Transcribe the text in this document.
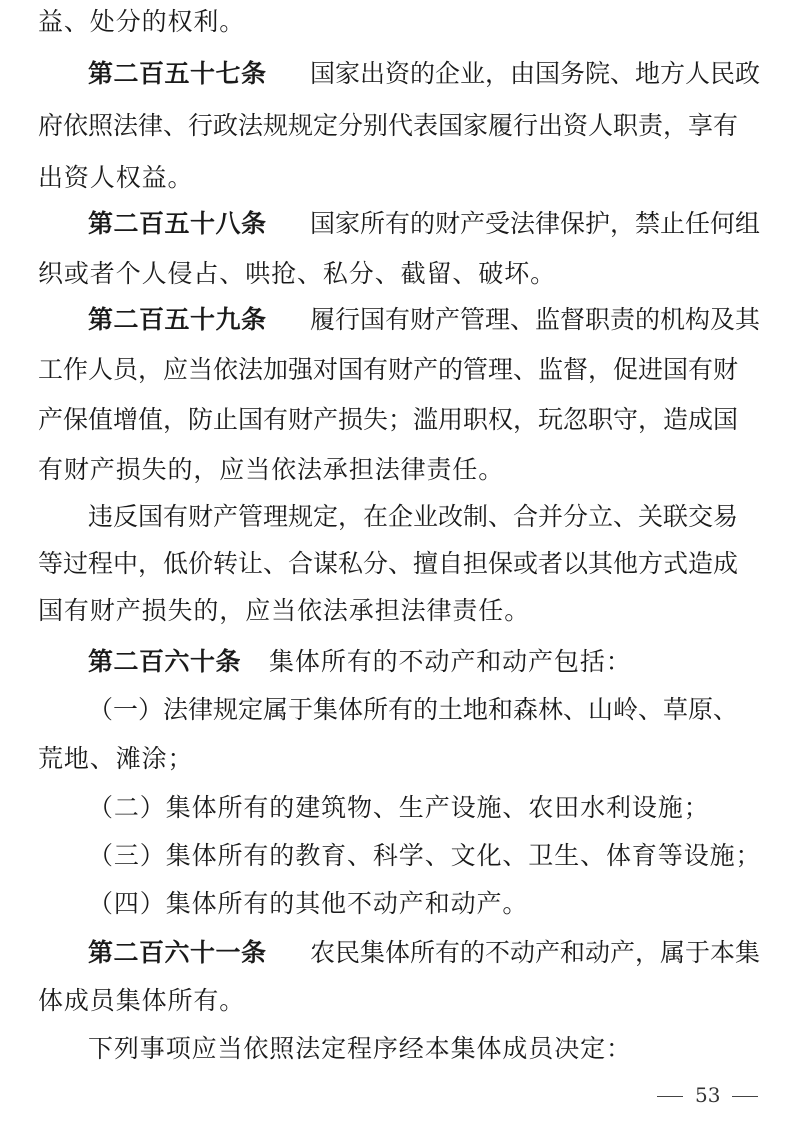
益、处分的权利。
第二百五十七条 国家出资的企业，由国务院、地方人民政
府依照法律、行政法规规定分别代表国家履行出资人职责，享有
出资人权益。
第二百五十八条 国家所有的财产受法律保护，禁止任何组
织或者个人侵占、哄抢、私分、截留、破坏。
第二百五十九条 履行国有财产管理、监督职责的机构及其
工作人员，应当依法加强对国有财产的管理、监督，促进国有财
产保值增值，防止国有财产损失；滥用职权，玩忽职守，造成国
有财产损失的，应当依法承担法律责任。
违反国有财产管理规定，在企业改制、合并分立、关联交易
等过程中，低价转让、合谋私分、擅自担保或者以其他方式造成
国有财产损失的，应当依法承担法律责任。
第二百六十条 集体所有的不动产和动产包括：
（一）法律规定属于集体所有的土地和森林、山岭、草原、
荒地、滩涂；
（二）集体所有的建筑物、生产设施、农田水利设施；
（三）集体所有的教育、科学、文化、卫生、体育等设施；
（四）集体所有的其他不动产和动产。
第二百六十一条 农民集体所有的不动产和动产，属于本集
体成员集体所有。
下列事项应当依照法定程序经本集体成员决定：
53
